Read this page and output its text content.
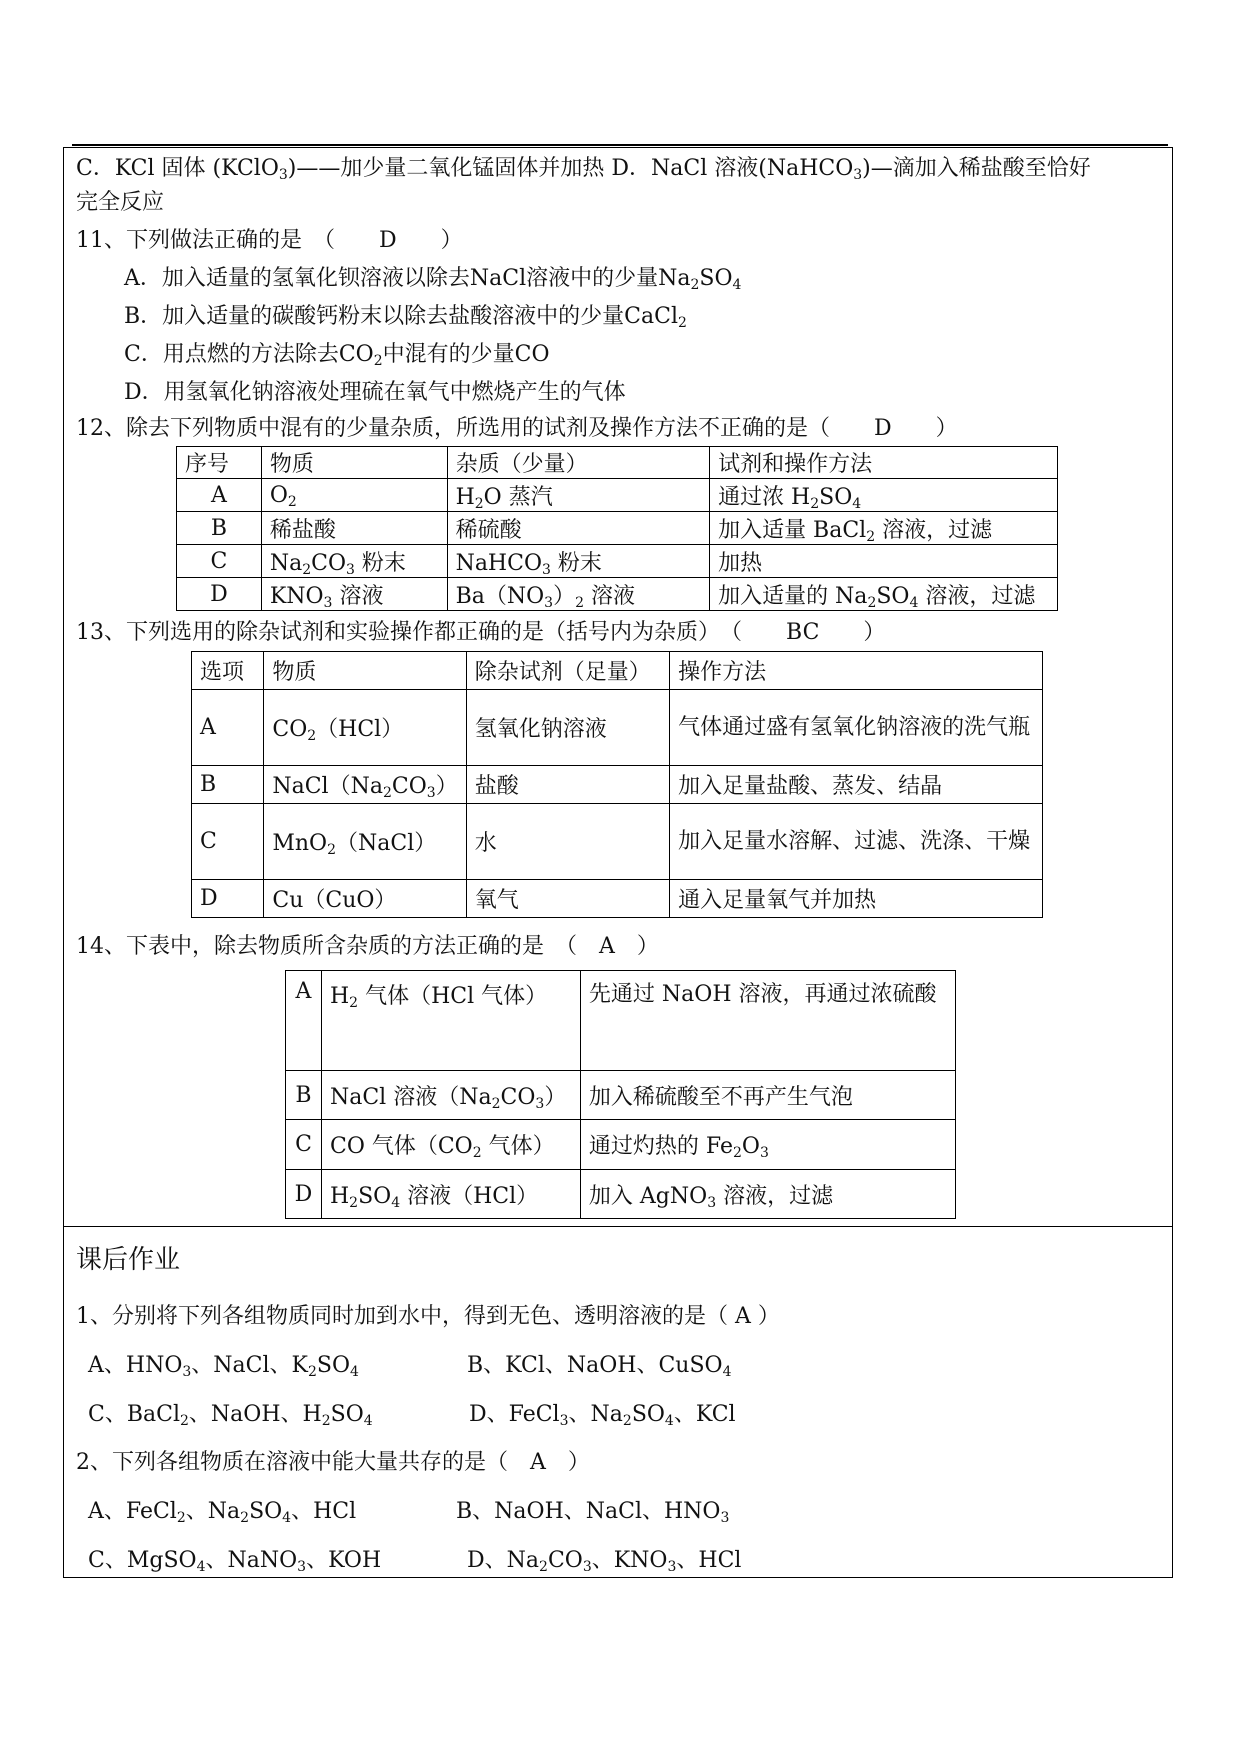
C．KCl 固体 (KClO$_3$)——加少量二氧化锰固体并加热 D．NaCl 溶液(NaHCO$_3$)—滴加入稀盐酸至恰好
完全反应
11、下列做法正确的是　（　　D　　）
A．加入适量的氢氧化钡溶液以除去NaCl溶液中的少量$Na_2SO_4$
B．加入适量的碳酸钙粉末以除去盐酸溶液中的少量CaCl$_2$
C．用点燃的方法除去$CO_2$中混有的少量CO
D．用氢氧化钠溶液处理硫在氧气中燃烧产生的气体
12、除去下列物质中混有的少量杂质，所选用的试剂及操作方法不正确的是（　　D　　）
序号	物质	杂质（少量）	试剂和操作方法
A	$O_2$	$H_2O$ 蒸汽	通过浓 $H_2SO_4$
B	稀盐酸	稀硫酸	加入适量 BaCl$_2$ 溶液，过滤
C	$Na_2CO_3$ 粉末	NaHCO$_3$ 粉末	加热
D	$KNO_3$ 溶液	$Ba(NO_3)_2$ 溶液	加入适量的 $Na_2SO_4$ 溶液，过滤
13、下列选用的除杂试剂和实验操作都正确的是（括号内为杂质）　（　　BC　　）
选项	物质	除杂试剂（足量）	操作方法
A	$CO_2(HCl)$	氢氧化钠溶液	气体通过盛有氢氧化钠溶液的洗气瓶
B	$NaCl(Na_2CO_3)$	盐酸	加入足量盐酸、蒸发、结晶
C	MnO$_2$（NaCl）	水	加入足量水溶解、过滤、洗涤、干燥
D	Cu（CuO）	氧气	通入足量氧气并加热
14、下表中，除去物质所含杂质的方法正确的是　（　A　）
A	$H_2$ 气体（HCl 气体）	先通过 NaOH 溶液，再通过浓硫酸
B	NaCl 溶液$(Na_2CO_3)$	加入稀硫酸至不再产生气泡
C	CO 气体（$CO_2$ 气体）	通过灼热的 $Fe_2O_3$
D	$H_2SO_4$ 溶液（HCl）	加入 AgNO$_3$ 溶液，过滤
课后作业
1、分别将下列各组物质同时加到水中，得到无色、透明溶液的是（ A ）
A、$HNO_3$、NaCl、$K_2SO_4$	B、KCl、NaOH、CuSO$_4$
C、BaCl$_2$、NaOH、$H_2SO_4$	D、FeCl$_3$、$Na_2SO_4$、KCl
2、下列各组物质在溶液中能大量共存的是（　A　）
A、FeCl$_2$、$Na_2SO_4$、HCl	B、NaOH、NaCl、$HNO_3$
C、MgSO$_4$、NaNO$_3$、KOH	D、$Na_2CO_3$、$KNO_3$、HCl
